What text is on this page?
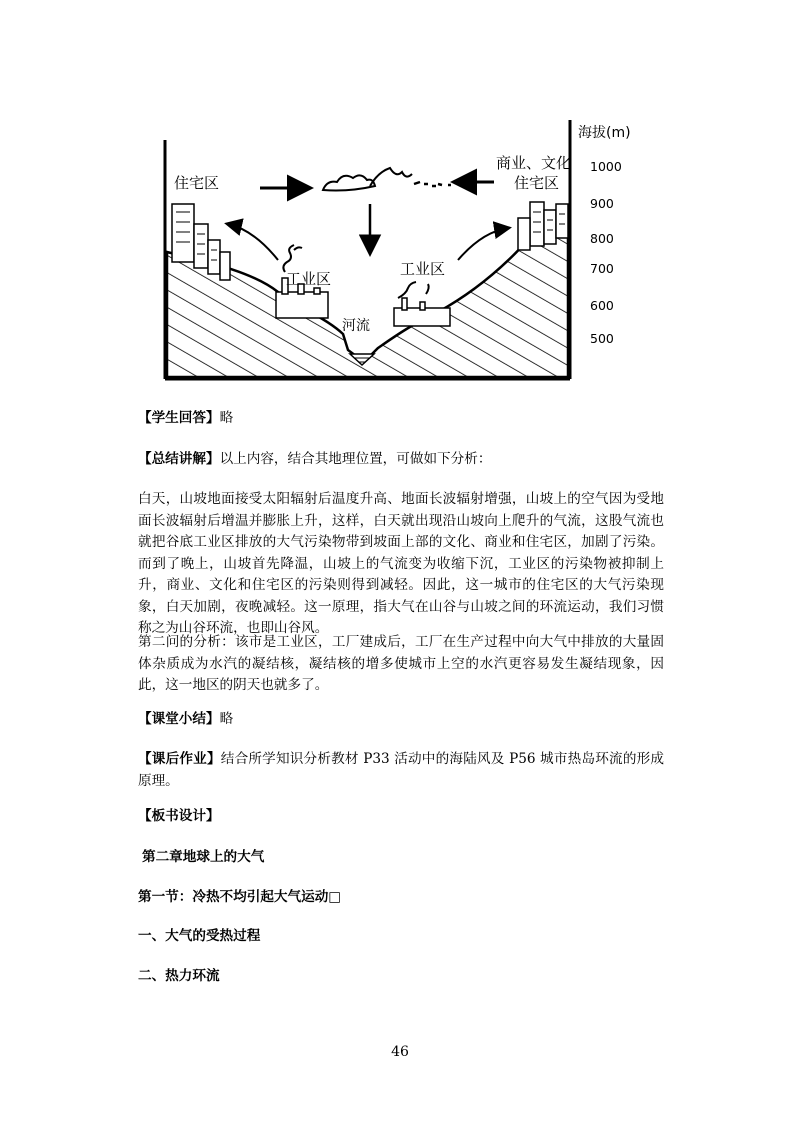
住宅区
商业、文化
住宅区
工业区
工业区
河流
海拔(m)
1000
900
800
700
600
500
【学生回答】略
【总结讲解】以上内容，结合其地理位置，可做如下分析：
白天，山坡地面接受太阳辐射后温度升高、地面长波辐射增强，山坡上的空气因为受地面长波辐射后增温并膨胀上升，这样，白天就出现沿山坡向上爬升的气流，这股气流也就把谷底工业区排放的大气污染物带到坡面上部的文化、商业和住宅区，加剧了污染。而到了晚上，山坡首先降温，山坡上的气流变为收缩下沉，工业区的污染物被抑制上升，商业、文化和住宅区的污染则得到减轻。因此，这一城市的住宅区的大气污染现象，白天加剧，夜晚减轻。这一原理，指大气在山谷与山坡之间的环流运动，我们习惯称之为山谷环流，也即山谷风。
第二问的分析：该市是工业区，工厂建成后，工厂在生产过程中向大气中排放的大量固体杂质成为水汽的凝结核，凝结核的增多使城市上空的水汽更容易发生凝结现象，因此，这一地区的阴天也就多了。
【课堂小结】略
【课后作业】结合所学知识分析教材 P33 活动中的海陆风及 P56 城市热岛环流的形成原理。
【板书设计】
第二章地球上的大气
第一节：冷热不均引起大气运动□
一、大气的受热过程
二、热力环流
46
